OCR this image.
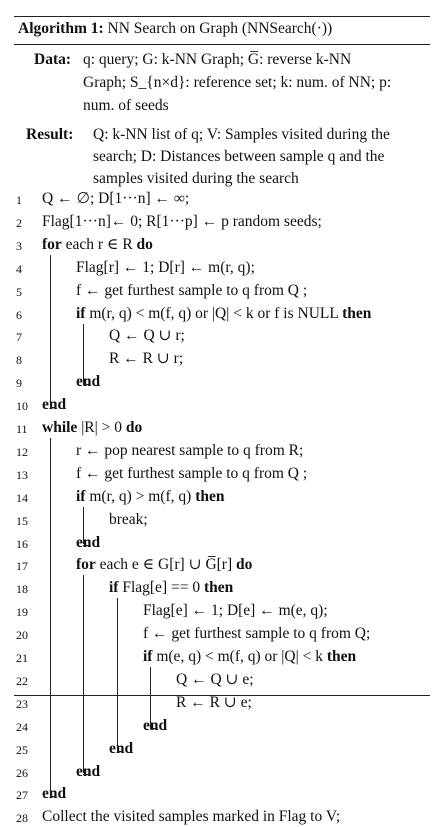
Algorithm 1: NN Search on Graph (NNSearch(·))
Data: q: query; G: k-NN Graph; G̅: reverse k-NN
Graph; S_{n×d}: reference set; k: num. of NN; p:
num. of seeds
Result: Q: k-NN list of q; V: Samples visited during the
search; D: Distances between sample q and the
samples visited during the search
1	Q ← ∅; D[1···n] ← ∞;
2	Flag[1···n]← 0; R[1···p] ← p random seeds;
3	for each r ∈ R do
4	Flag[r] ← 1; D[r] ← m(r, q);
5	f ← get furthest sample to q from Q ;
6	if m(r, q) < m(f, q) or |Q| < k or f is NULL then
7	Q ← Q ∪ r;
8	R ← R ∪ r;
9	end
10 end
11 while |R| > 0 do
12	r ← pop nearest sample to q from R;
13	f ← get furthest sample to q from Q ;
14	if m(r, q) > m(f, q) then
15	break;
16	end
17	for each e ∈ G[r] ∪ G̅[r] do
18	if Flag[e] == 0 then
19	Flag[e] ← 1; D[e] ← m(e, q);
20	f ← get furthest sample to q from Q;
21	if m(e, q) < m(f, q) or |Q| < k then
22	Q ← Q ∪ e;
23	R ← R ∪ e;
24	end
25	end
26	end
27 end
28 Collect the visited samples marked in Flag to V;
